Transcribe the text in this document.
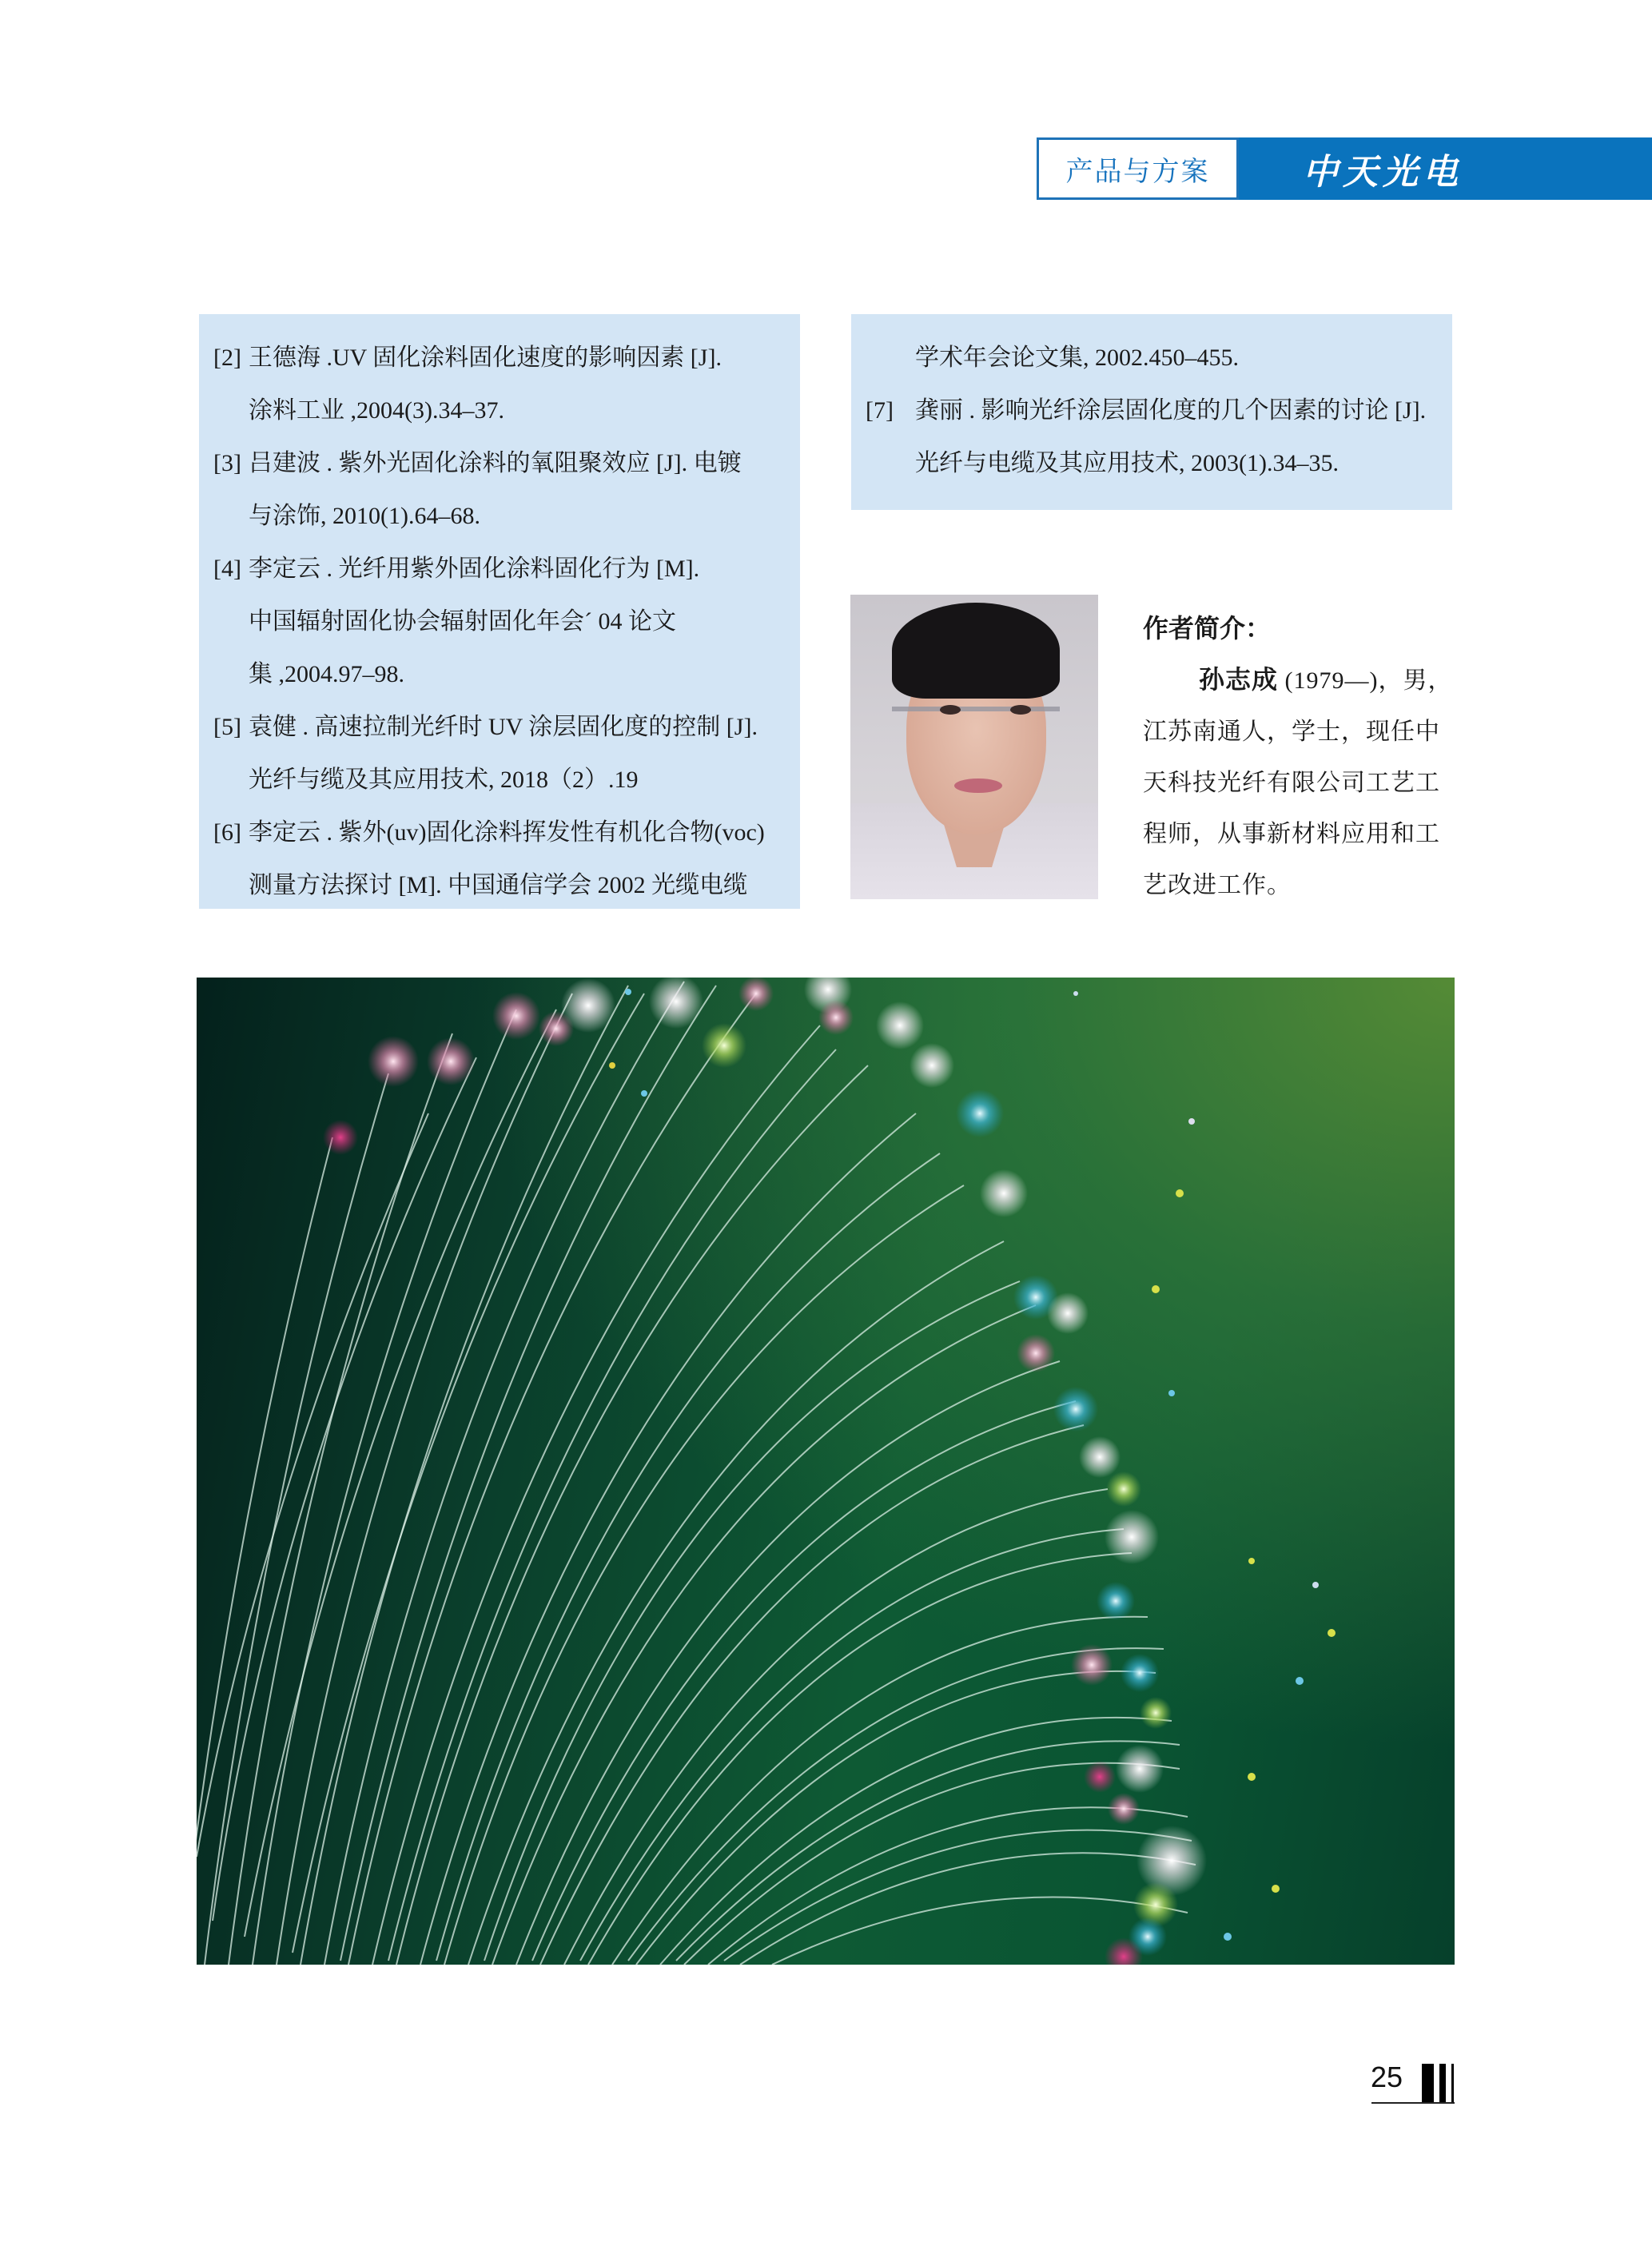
产品与方案	中天光电
[2] 王德海 .UV 固化涂料固化速度的影响因素 [J].
涂料工业 ,2004(3).34–37.
[3] 吕建波 . 紫外光固化涂料的氧阻聚效应 [J]. 电镀
与涂饰, 2010(1).64–68.
[4] 李定云 . 光纤用紫外固化涂料固化行为 [M].
中国辐射固化协会辐射固化年会´ 04 论文
集 ,2004.97–98.
[5] 袁健 . 高速拉制光纤时 UV 涂层固化度的控制 [J].
光纤与缆及其应用技术, 2018（2）.19
[6] 李定云 . 紫外(uv)固化涂料挥发性有机化合物(voc)
测量方法探讨 [M]. 中国通信学会 2002 光缆电缆
学术年会论文集, 2002.450–455.
[7] 龚丽 . 影响光纤涂层固化度的几个因素的讨论 [J].
光纤与电缆及其应用技术, 2003(1).34–35.
作者简介：
孙志成 (1979—)，男，
江苏南通人，学士，现任中
天科技光纤有限公司工艺工
程师，从事新材料应用和工
艺改进工作。
25
